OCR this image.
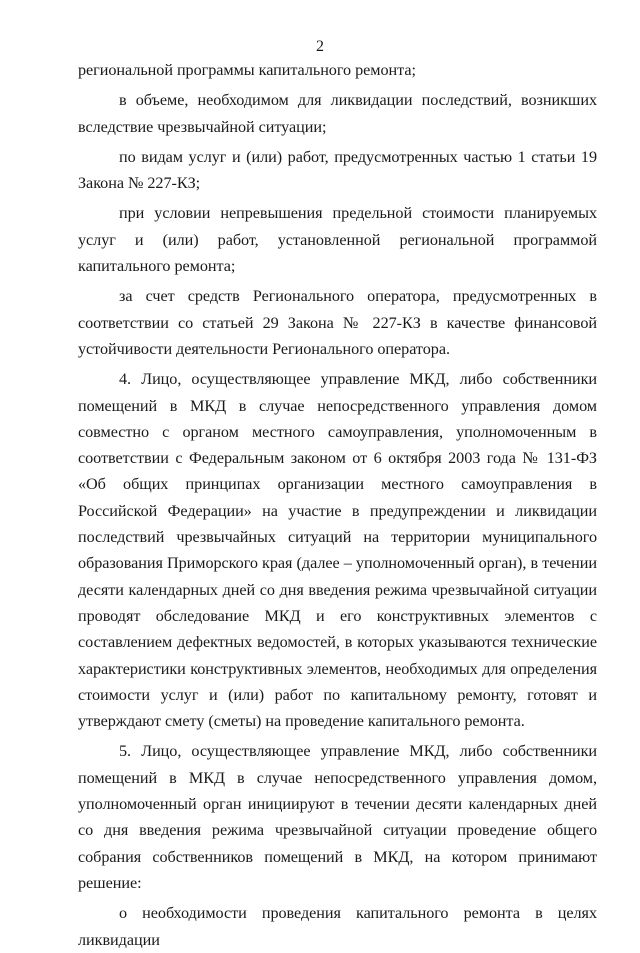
2

региональной программы капитального ремонта;

в объеме, необходимом для ликвидации последствий, возникших вследствие чрезвычайной ситуации;

по видам услуг и (или) работ, предусмотренных частью 1 статьи 19 Закона № 227-КЗ;

при условии непревышения предельной стоимости планируемых услуг и (или) работ, установленной региональной программой капитального ремонта;

за счет средств Регионального оператора, предусмотренных в соответствии со статьей 29 Закона № 227-КЗ в качестве финансовой устойчивости деятельности Регионального оператора.

4. Лицо, осуществляющее управление МКД, либо собственники помещений в МКД в случае непосредственного управления домом совместно с органом местного самоуправления, уполномоченным в соответствии с Федеральным законом от 6 октября 2003 года № 131-ФЗ «Об общих принципах организации местного самоуправления в Российской Федерации» на участие в предупреждении и ликвидации последствий чрезвычайных ситуаций на территории муниципального образования Приморского края (далее – уполномоченный орган), в течении десяти календарных дней со дня введения режима чрезвычайной ситуации проводят обследование МКД и его конструктивных элементов с составлением дефектных ведомостей, в которых указываются технические характеристики конструктивных элементов, необходимых для определения стоимости услуг и (или) работ по капитальному ремонту, готовят и утверждают смету (сметы) на проведение капитального ремонта.

5. Лицо, осуществляющее управление МКД, либо собственники помещений в МКД в случае непосредственного управления домом, уполномоченный орган инициируют в течении десяти календарных дней со дня введения режима чрезвычайной ситуации проведение общего собрания собственников помещений в МКД, на котором принимают решение:

о необходимости проведения капитального ремонта в целях ликвидации
